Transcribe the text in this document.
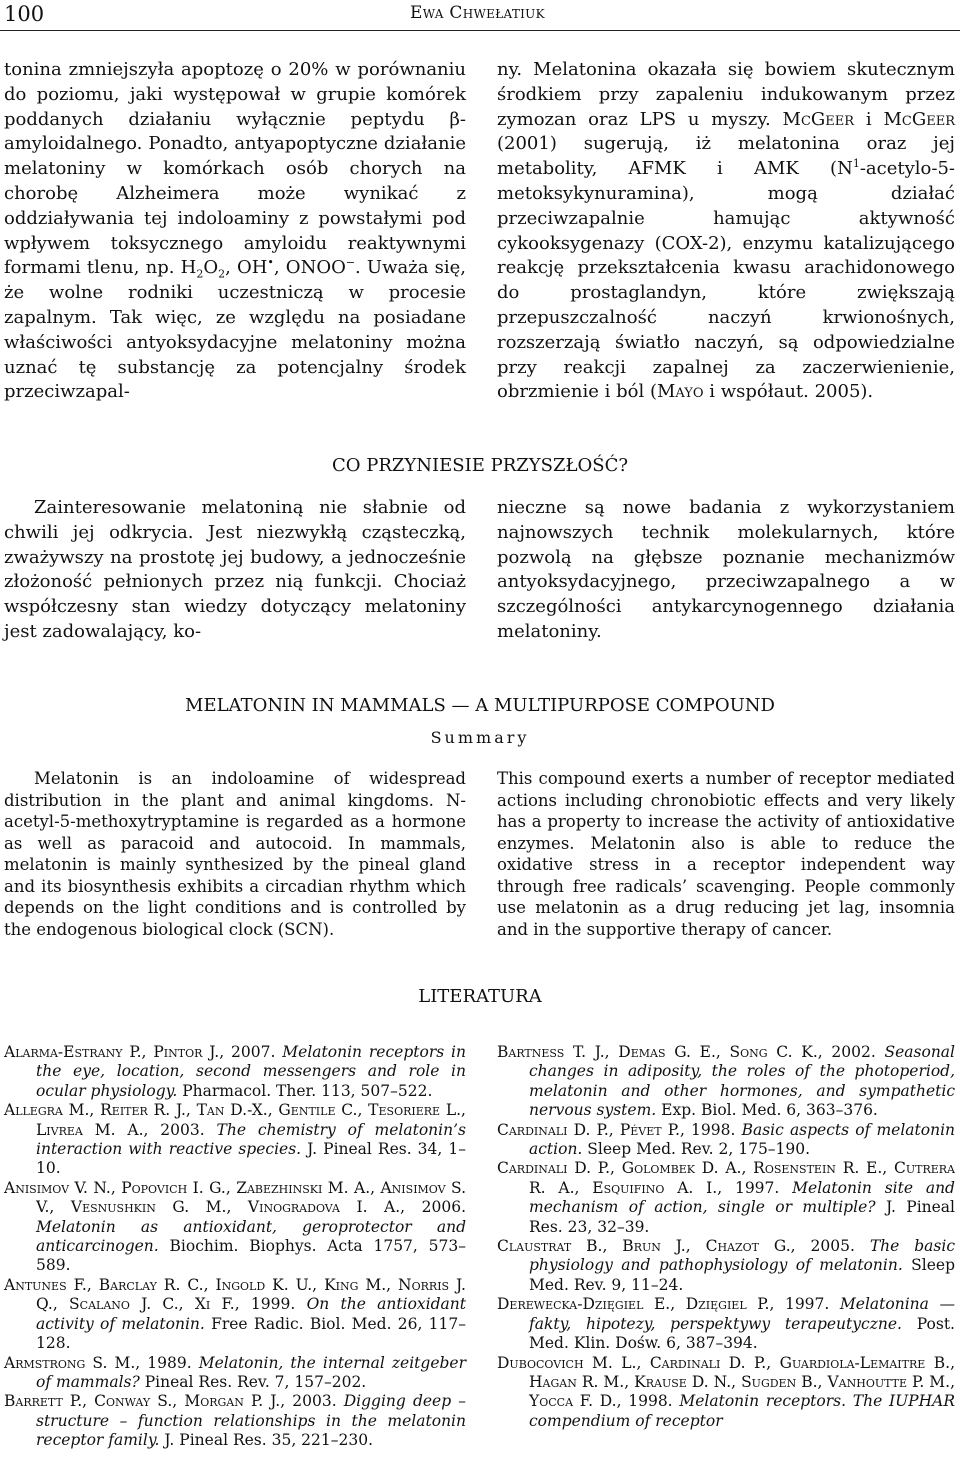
100	Ewa Chwełatiuk

tonina zmniejszyła apoptozę o 20% w porównaniu do poziomu, jaki występował w grupie komórek poddanych działaniu wyłącznie peptydu β-amyloidalnego. Ponadto, antyapoptyczne działanie melatoniny w komórkach osób chorych na chorobę Alzheimera może wynikać z oddziaływania tej indoloaminy z powstałymi pod wpływem toksycznego amyloidu reaktywnymi formami tlenu, np. $H_2O_2$, OH•, ONOO−. Uważa się, że wolne rodniki uczestniczą w procesie zapalnym. Tak więc, ze względu na posiadane właściwości antyoksydacyjne melatoniny można uznać tę substancję za potencjalny środek przeciwzapal-

ny. Melatonina okazała się bowiem skutecznym środkiem przy zapaleniu indukowanym przez zymozan oraz LPS u myszy. McGeer i McGeer (2001) sugerują, iż melatonina oraz jej metabolity, AFMK i AMK $(N^1-acetylo-5-metoksykynuramina)$, mogą działać przeciwzapalnie hamując aktywność cykooksygenazy (COX-2), enzymu katalizującego reakcję przekształcenia kwasu arachidonowego do prostaglandyn, które zwiększają przepuszczalność naczyń krwionośnych, rozszerzają światło naczyń, są odpowiedzialne przy reakcji zapalnej za zaczerwienienie, obrzmienie i ból (Mayo i współaut. 2005).

CO PRZYNIESIE PRZYSZŁOŚĆ?

Zainteresowanie melatoniną nie słabnie od chwili jej odkrycia. Jest niezwykłą cząsteczką, zważywszy na prostotę jej budowy, a jednocześnie złożoność pełnionych przez nią funkcji. Chociaż współczesny stan wiedzy dotyczący melatoniny jest zadowalający, ko-

nieczne są nowe badania z wykorzystaniem najnowszych technik molekularnych, które pozwolą na głębsze poznanie mechanizmów antyoksydacyjnego, przeciwzapalnego a w szczególności antykarcynogennego działania melatoniny.

MELATONIN IN MAMMALS — A MULTIPURPOSE COMPOUND
Summary

Melatonin is an indoloamine of widespread distribution in the plant and animal kingdoms. N-acetyl-5-methoxytryptamine is regarded as a hormone as well as paracoid and autocoid. In mammals, melatonin is mainly synthesized by the pineal gland and its biosynthesis exhibits a circadian rhythm which depends on the light conditions and is controlled by the endogenous biological clock (SCN).

This compound exerts a number of receptor mediated actions including chronobiotic effects and very likely has a property to increase the activity of antioxidative enzymes. Melatonin also is able to reduce the oxidative stress in a receptor independent way through free radicals’ scavenging. People commonly use melatonin as a drug reducing jet lag, insomnia and in the supportive therapy of cancer.

LITERATURA

Alarma-Estrany P., Pintor J., 2007. Melatonin receptors in the eye, location, second messengers and role in ocular physiology. Pharmacol. Ther. 113, 507–522.

Allegra M., Reiter R. J., Tan D.-X., Gentile C., Tesoriere L., Livrea M. A., 2003. The chemistry of melatonin’s interaction with reactive species. J. Pineal Res. 34, 1–10.

Anisimov V. N., Popovich I. G., Zabezhinski M. A., Anisimov S. V., Vesnushkin G. M., Vinogradova I. A., 2006. Melatonin as antioxidant, geroprotector and anticarcinogen. Biochim. Biophys. Acta 1757, 573–589.

Antunes F., Barclay R. C., Ingold K. U., King M., Norris J. Q., Scalano J. C., Xi F., 1999. On the antioxidant activity of melatonin. Free Radic. Biol. Med. 26, 117–128.

Armstrong S. M., 1989. Melatonin, the internal zeitgeber of mammals? Pineal Res. Rev. 7, 157–202.

Barrett P., Conway S., Morgan P. J., 2003. Digging deep – structure – function relationships in the melatonin receptor family. J. Pineal Res. 35, 221–230.

Bartness T. J., Demas G. E., Song C. K., 2002. Seasonal changes in adiposity, the roles of the photoperiod, melatonin and other hormones, and sympathetic nervous system. Exp. Biol. Med. 6, 363–376.

Cardinali D. P., Pévet P., 1998. Basic aspects of melatonin action. Sleep Med. Rev. 2, 175–190.

Cardinali D. P., Golombek D. A., Rosenstein R. E., Cutrera R. A., Esquifino A. I., 1997. Melatonin site and mechanism of action, single or multiple? J. Pineal Res. 23, 32–39.

Claustrat B., Brun J., Chazot G., 2005. The basic physiology and pathophysiology of melatonin. Sleep Med. Rev. 9, 11–24.

Derewecka-Dzięgiel E., Dzięgiel P., 1997. Melatonina — fakty, hipotezy, perspektywy terapeutyczne. Post. Med. Klin. Dośw. 6, 387–394.

Dubocovich M. L., Cardinali D. P., Guardiola-Lemaitre B., Hagan R. M., Krause D. N., Sugden B., Vanhoutte P. M., Yocca F. D., 1998. Melatonin receptors. The IUPHAR compendium of receptor
